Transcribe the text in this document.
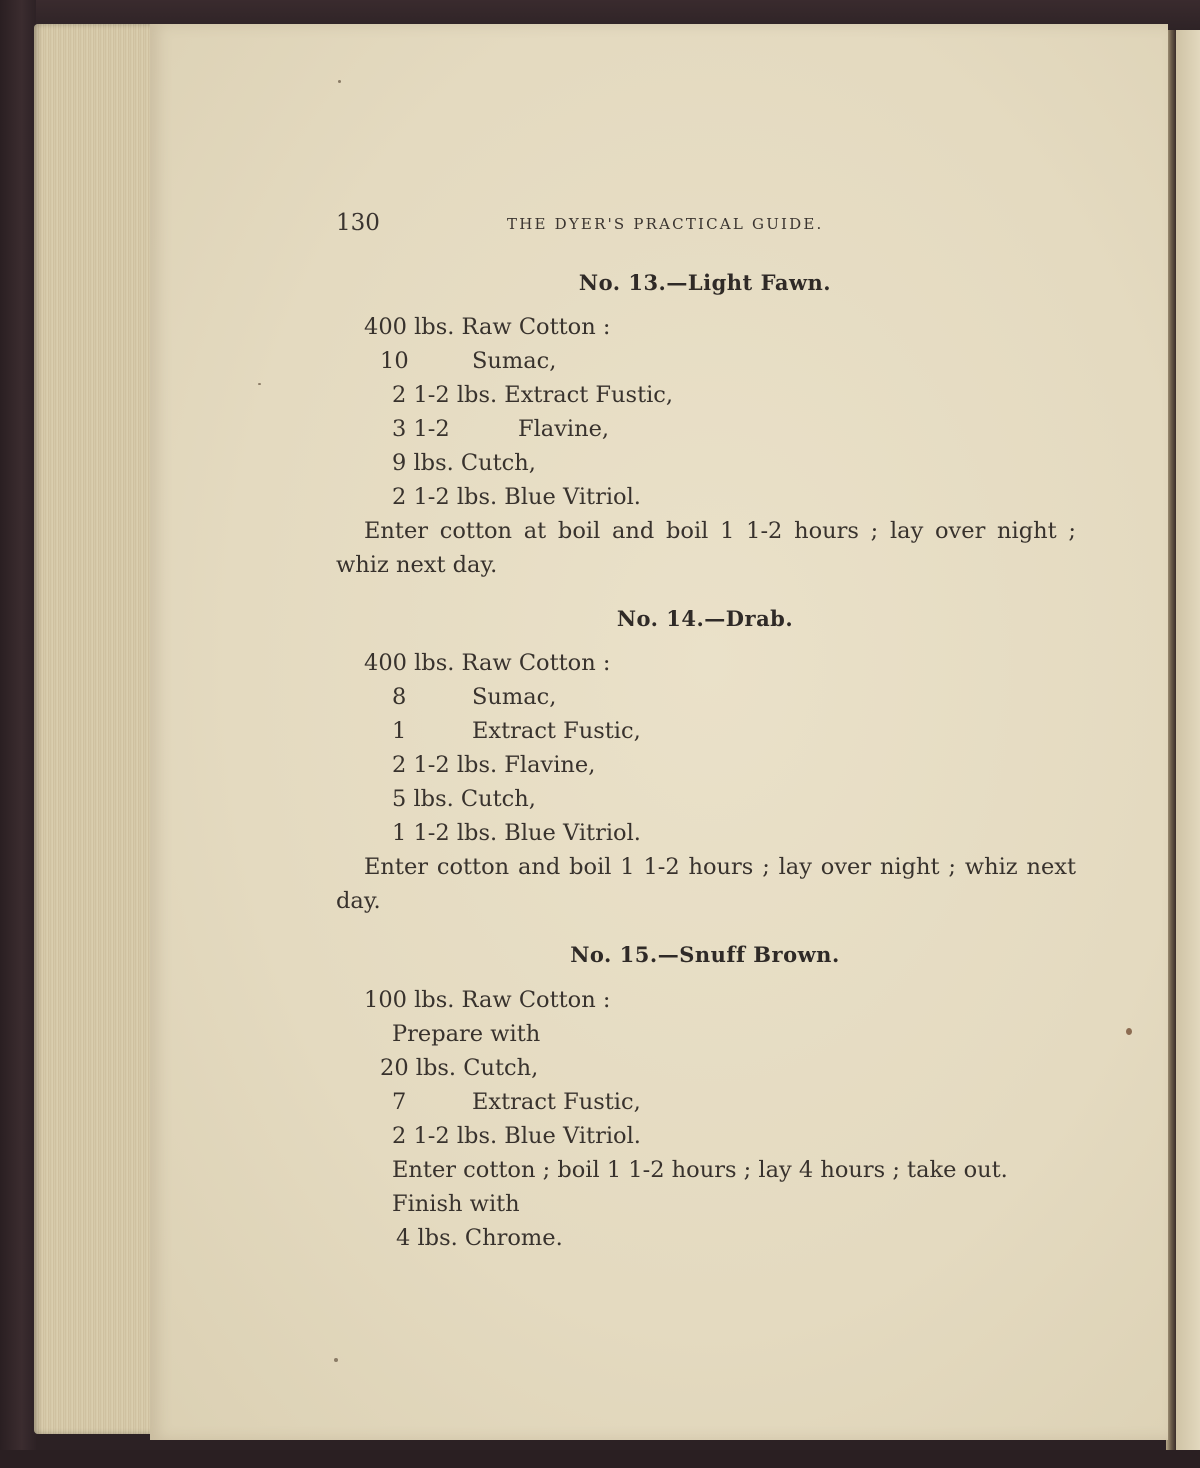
130	THE DYER'S PRACTICAL GUIDE.
No. 13.—Light Fawn.
400 lbs. Raw Cotton :
10	Sumac,
2 1-2 lbs. Extract Fustic,
3 1-2	Flavine,
9 lbs. Cutch,
2 1-2 lbs. Blue Vitriol.
Enter cotton at boil and boil 1 1-2 hours ; lay over night ; whiz next day.
No. 14.—Drab.
400 lbs. Raw Cotton :
8	Sumac,
1	Extract Fustic,
2 1-2 lbs. Flavine,
5 lbs. Cutch,
1 1-2 lbs. Blue Vitriol.
Enter cotton and boil 1 1-2 hours ; lay over night ; whiz next day.
No. 15.—Snuff Brown.
100 lbs. Raw Cotton :
Prepare with
20 lbs. Cutch,
7	Extract Fustic,
2 1-2 lbs. Blue Vitriol.
Enter cotton ; boil 1 1-2 hours ; lay 4 hours ; take out.
Finish with
4 lbs. Chrome.
